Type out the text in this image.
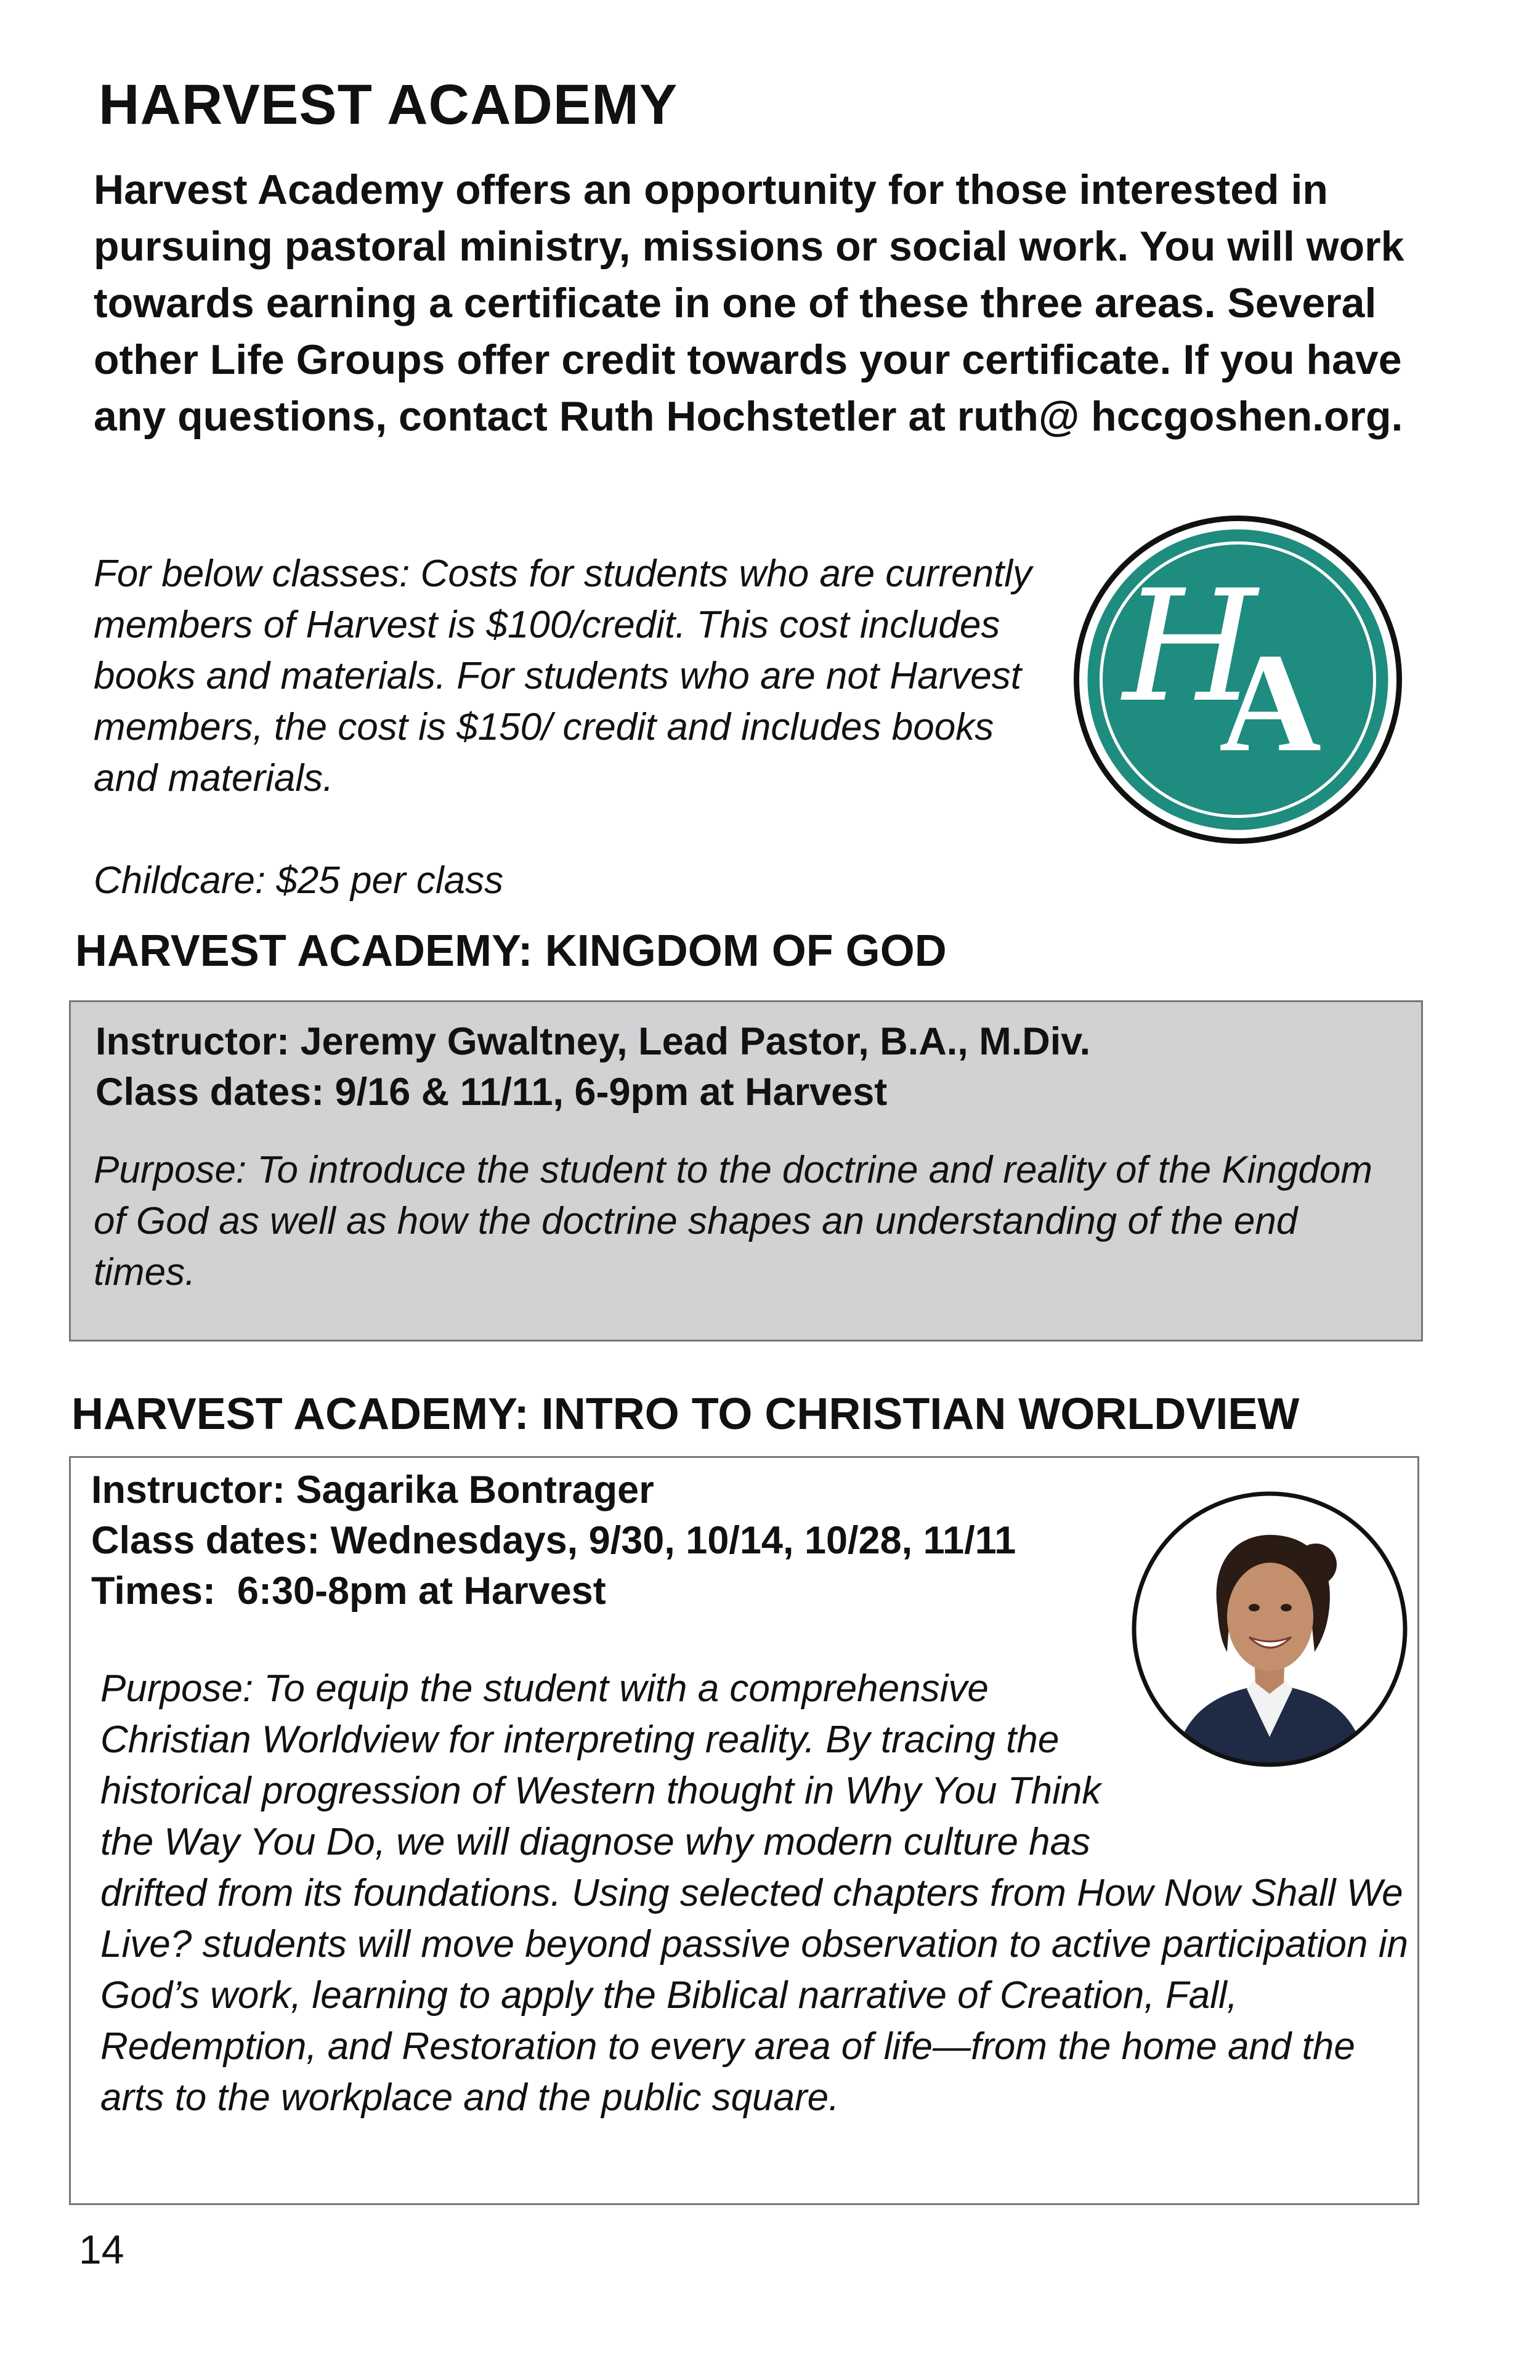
HARVEST ACADEMY
Harvest Academy offers an opportunity for those interested in pursuing pastoral ministry, missions or social work. You will work towards earning a certificate in one of these three areas. Several other Life Groups offer credit towards your certificate. If you have any questions, contact Ruth Hochstetler at ruth@ hccgoshen.org.
For below classes: Costs for students who are currently members of Harvest is $100/credit. This cost includes books and materials. For students who are not Harvest members, the cost is $150/ credit and includes books and materials.
Childcare: $25 per class
H
A
HARVEST ACADEMY: KINGDOM OF GOD
Instructor: Jeremy Gwaltney, Lead Pastor, B.A., M.Div.
Class dates: 9/16 & 11/11, 6-9pm at Harvest
Purpose: To introduce the student to the doctrine and reality of the Kingdom of God as well as how the doctrine shapes an understanding of the end times.
HARVEST ACADEMY: INTRO TO CHRISTIAN WORLDVIEW
Instructor: Sagarika Bontrager
Class dates: Wednesdays, 9/30, 10/14, 10/28, 11/11
Times:  6:30-8pm at Harvest
Purpose: To equip the student with a comprehensive Christian Worldview for interpreting reality. By tracing the historical progression of Western thought in Why You Think the Way You Do, we will diagnose why modern culture has drifted from its foundations. Using selected chapters from How Now Shall We Live? students will move beyond passive observation to active participation in God’s work, learning to apply the Biblical narrative of Creation, Fall, Redemption, and Restoration to every area of life—from the home and the arts to the workplace and the public square.
14
